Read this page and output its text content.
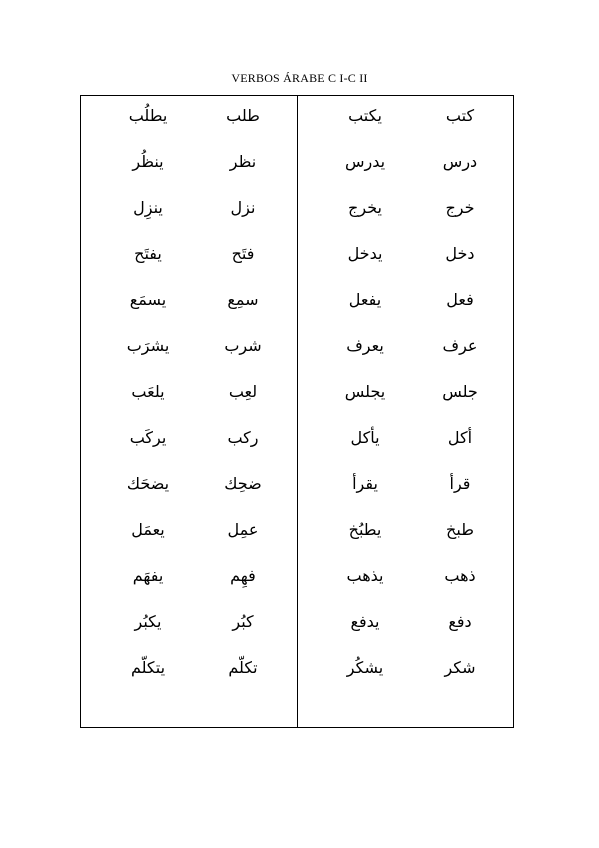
VERBOS ÁRABE C I-C II
يطلُب	طلب
ينظُر	نظر
ينزِل	نزل
يفتَح	فتَح
يسمَع	سمِع
يشرَب	شرب
يلعَب	لعِب
يركَب	ركب
يضحَك	ضحِك
يعمَل	عمِل
يفهَم	فهِم
يكبُر	كبُر
يتكلّم	تكلّم
يكتب	كتب
يدرس	درس
يخرج	خرج
يدخل	دخل
يفعل	فعل
يعرف	عرف
يجلس	جلس
يأكل	أكل
يقرأ	قرأ
يطبُخ	طبخ
يذهب	ذهب
يدفع	دفع
يشكُر	شكر
